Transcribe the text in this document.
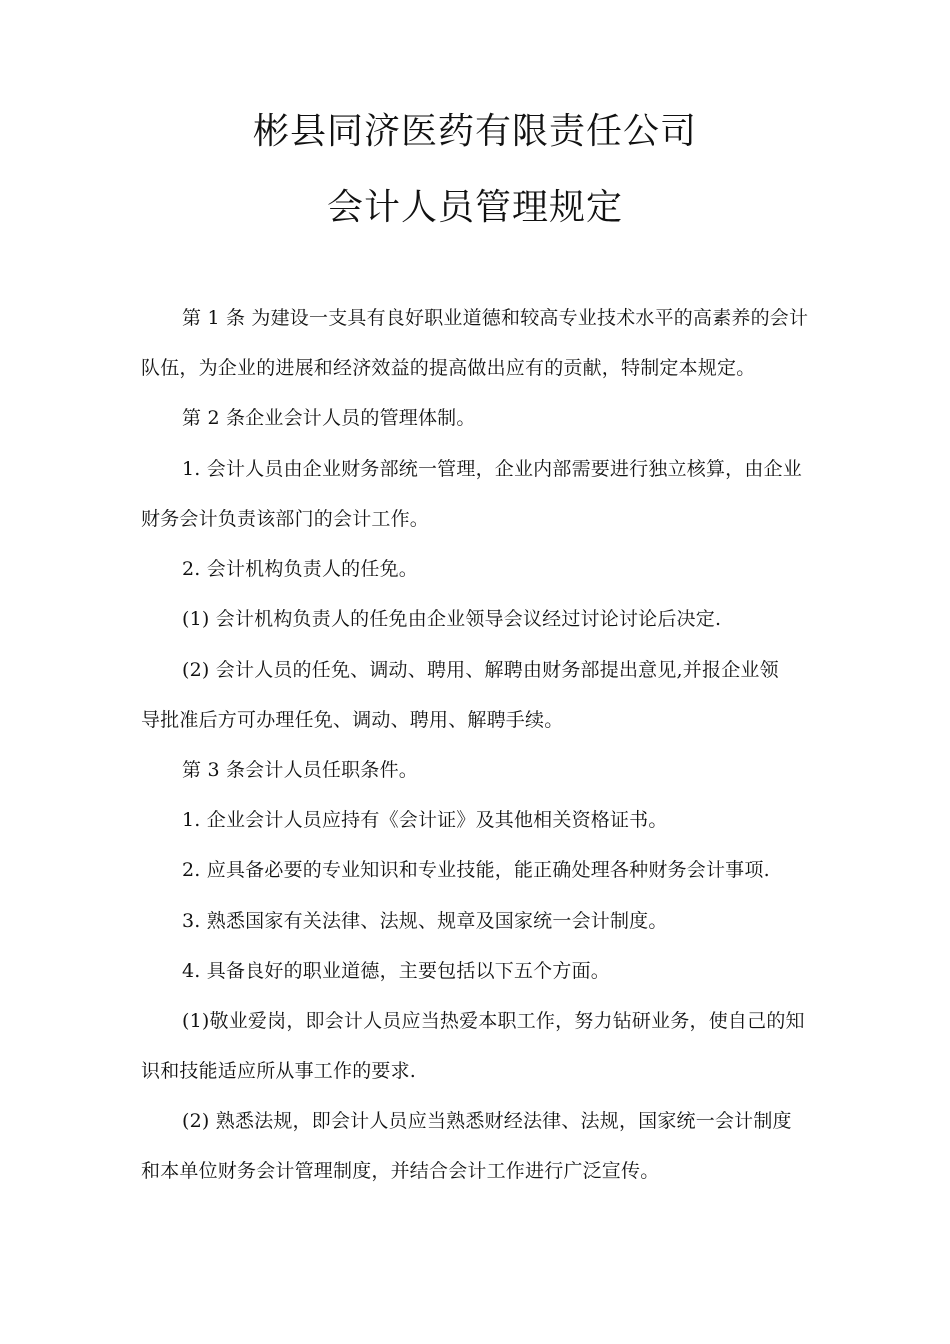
彬县同济医药有限责任公司
会计人员管理规定
第 1 条 为建设一支具有良好职业道德和较高专业技术水平的高素养的会计
队伍，为企业的进展和经济效益的提高做出应有的贡献，特制定本规定。
第 2 条企业会计人员的管理体制。
1. 会计人员由企业财务部统一管理，企业内部需要进行独立核算，由企业
财务会计负责该部门的会计工作。
2. 会计机构负责人的任免。
(1) 会计机构负责人的任免由企业领导会议经过讨论讨论后决定.
(2) 会计人员的任免、调动、聘用、解聘由财务部提出意见,并报企业领
导批准后方可办理任免、调动、聘用、解聘手续。
第 3 条会计人员任职条件。
1. 企业会计人员应持有《会计证》及其他相关资格证书。
2. 应具备必要的专业知识和专业技能，能正确处理各种财务会计事项.
3. 熟悉国家有关法律、法规、规章及国家统一会计制度。
4. 具备良好的职业道德，主要包括以下五个方面。
(1)敬业爱岗，即会计人员应当热爱本职工作，努力钻研业务，使自己的知
识和技能适应所从事工作的要求.
(2) 熟悉法规，即会计人员应当熟悉财经法律、法规，国家统一会计制度
和本单位财务会计管理制度，并结合会计工作进行广泛宣传。
